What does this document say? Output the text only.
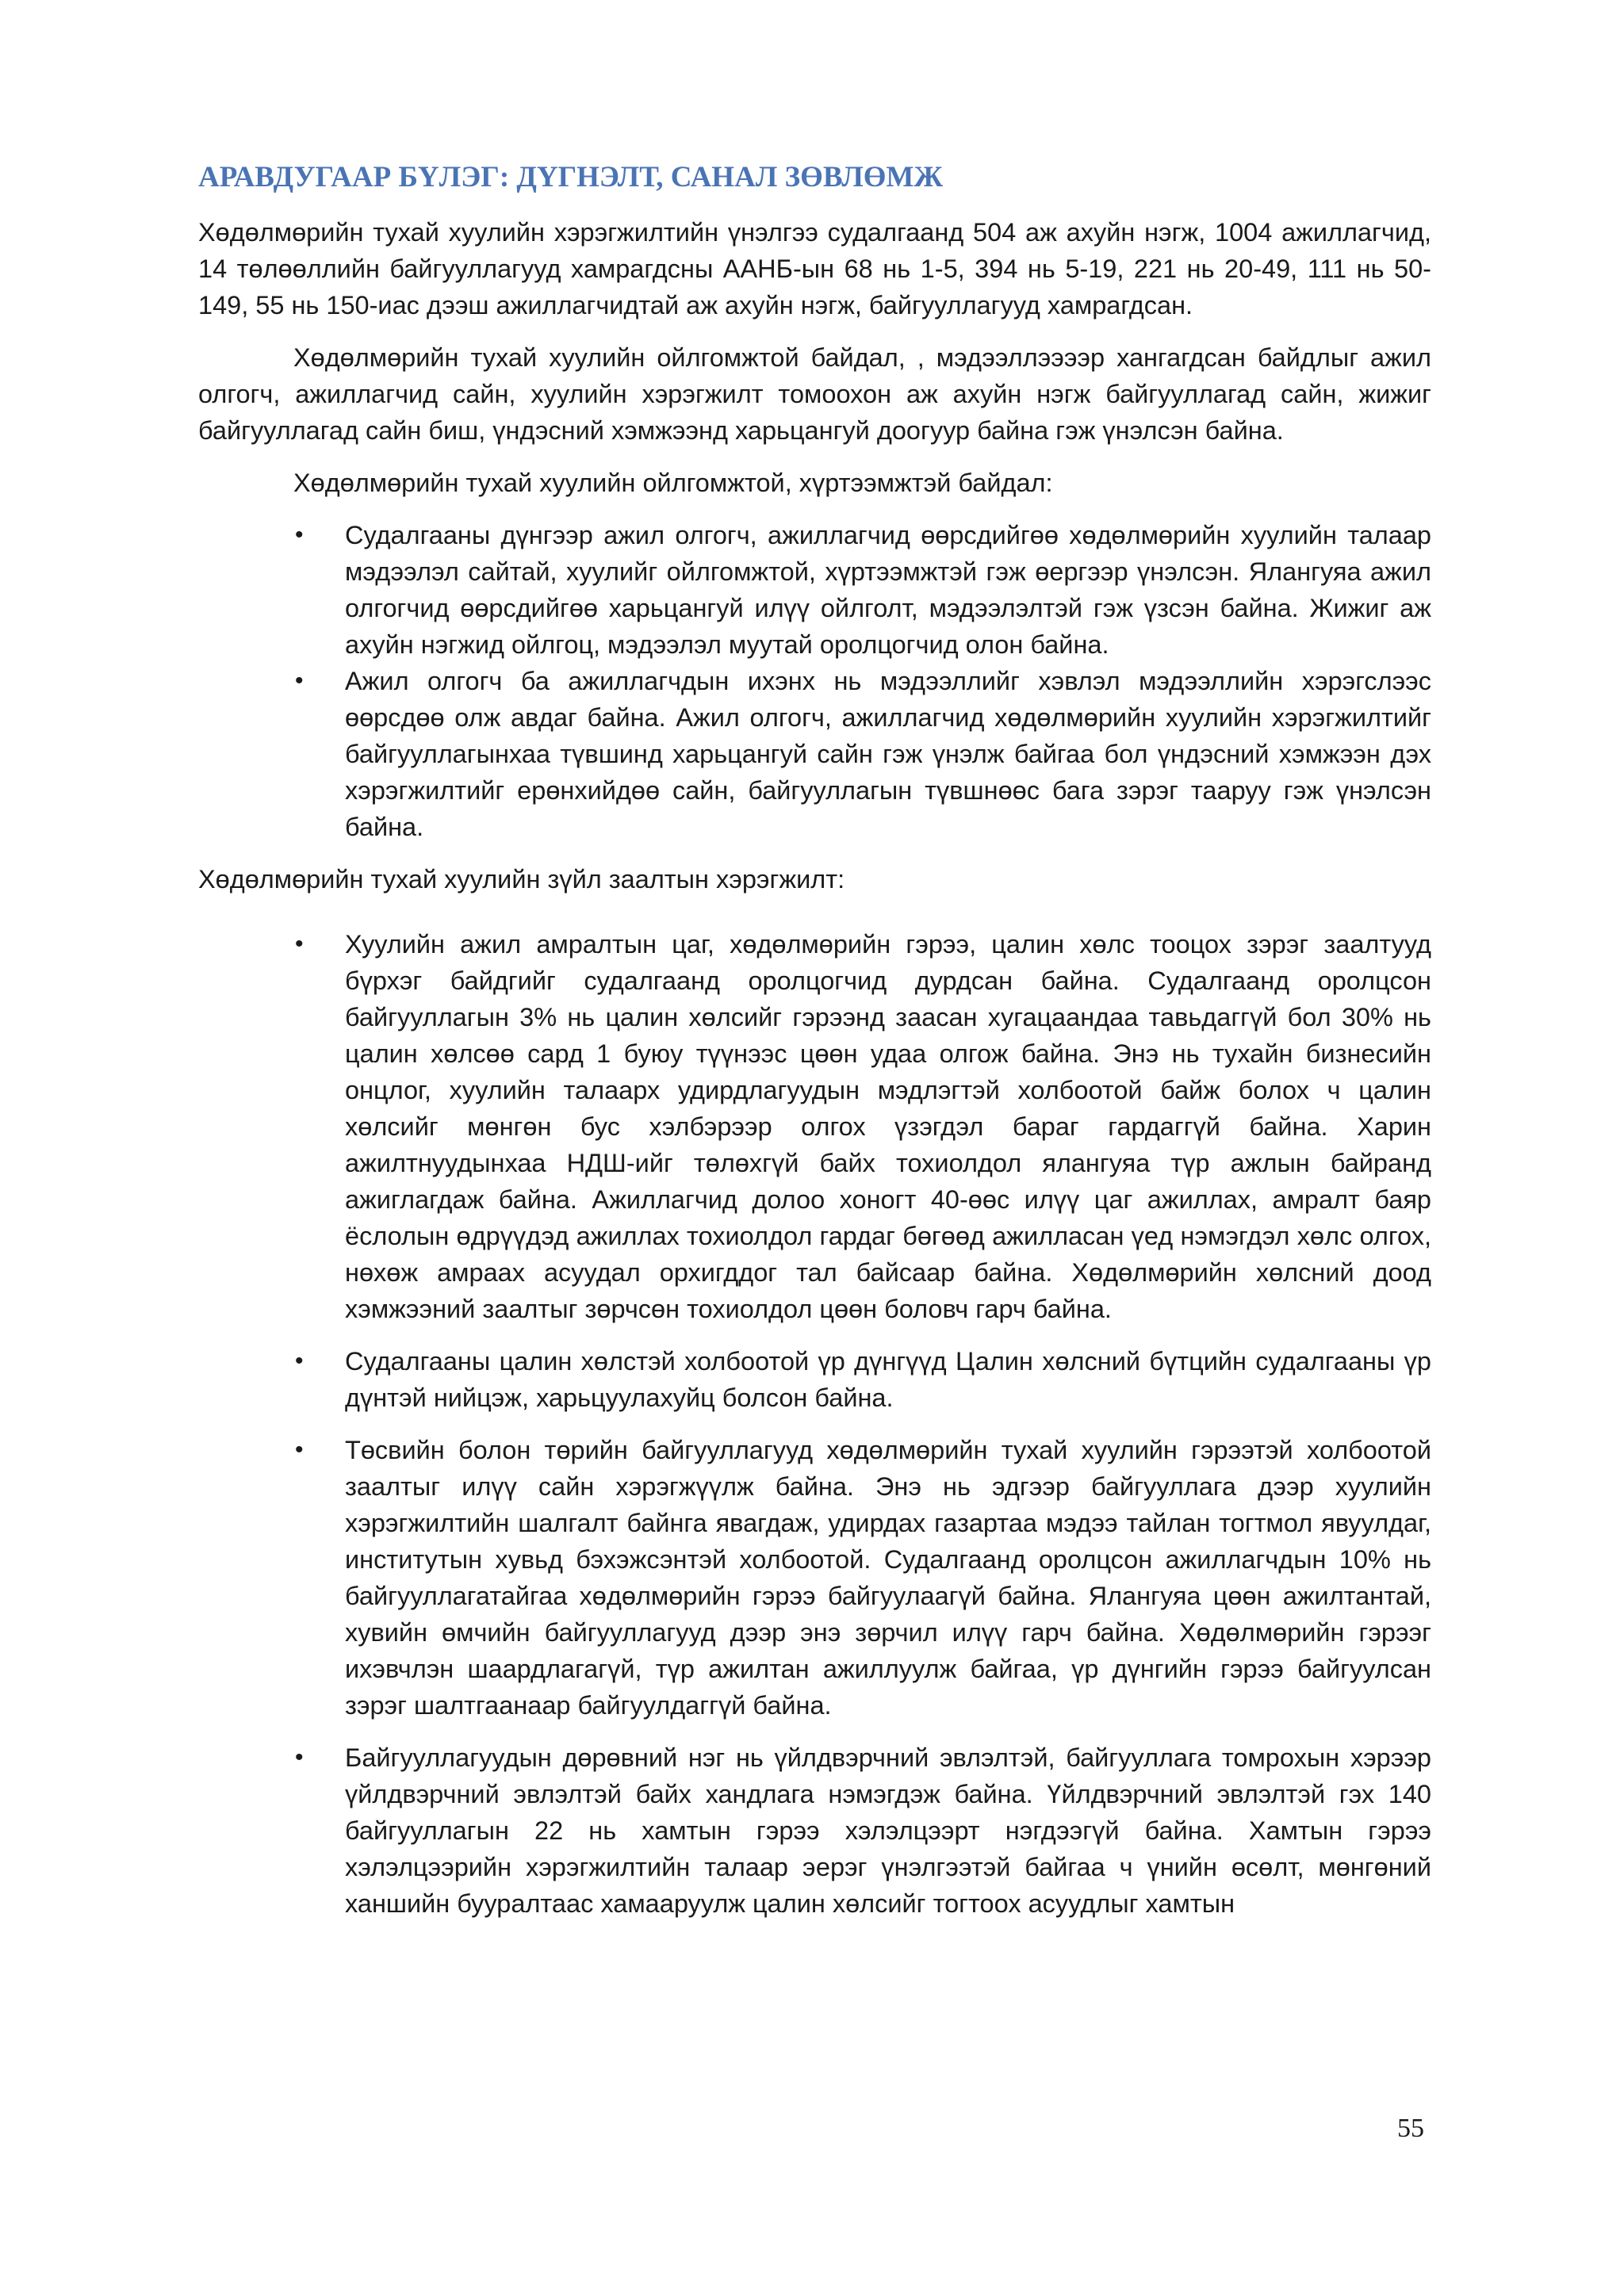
АРАВДУГААР БҮЛЭГ: ДҮГНЭЛТ, САНАЛ ЗӨВЛӨМЖ

Хөдөлмөрийн тухай хуулийн хэрэгжилтийн үнэлгээ судалгаанд 504 аж ахуйн нэгж, 1004 ажиллагчид, 14 төлөөллийн байгууллагууд хамрагдсны ААНБ-ын 68 нь 1-5, 394 нь 5-19, 221 нь 20-49, 111 нь 50-149, 55 нь 150-иас дээш ажиллагчидтай аж ахуйн нэгж, байгууллагууд хамрагдсан.

Хөдөлмөрийн тухай хуулийн ойлгомжтой байдал, , мэдээллээээр хангагдсан байдлыг ажил олгогч, ажиллагчид сайн, хуулийн хэрэгжилт томоохон аж ахуйн нэгж байгууллагад сайн, жижиг байгууллагад сайн биш, үндэсний хэмжээнд харьцангуй доогуур байна гэж үнэлсэн байна.

Хөдөлмөрийн тухай хуулийн ойлгомжтой, хүртээмжтэй байдал:

• Судалгааны дүнгээр ажил олгогч, ажиллагчид өөрсдийгөө хөдөлмөрийн хуулийн талаар мэдээлэл сайтай, хуулийг ойлгомжтой, хүртээмжтэй гэж өергээр үнэлсэн. Ялангуяа ажил олгогчид өөрсдийгөө харьцангуй илүү ойлголт, мэдээлэлтэй гэж үзсэн байна. Жижиг аж ахуйн нэгжид ойлгоц, мэдээлэл муутай оролцогчид олон байна.
• Ажил олгогч ба ажиллагчдын ихэнх нь мэдээллийг хэвлэл мэдээллийн хэрэгслээс өөрсдөө олж авдаг байна. Ажил олгогч, ажиллагчид хөдөлмөрийн хуулийн хэрэгжилтийг байгууллагынхаа түвшинд харьцангуй сайн гэж үнэлж байгаа бол үндэсний хэмжээн дэх хэрэгжилтийг ерөнхийдөө сайн, байгууллагын түвшнөөс бага зэрэг тааруу гэж үнэлсэн байна.

Хөдөлмөрийн тухай хуулийн зүйл заалтын хэрэгжилт:

• Хуулийн ажил амралтын цаг, хөдөлмөрийн гэрээ, цалин хөлс тооцох зэрэг заалтууд бүрхэг байдгийг судалгаанд оролцогчид дурдсан байна. Судалгаанд оролцсон байгууллагын 3% нь цалин хөлсийг гэрээнд заасан хугацаандаа тавьдаггүй бол 30% нь цалин хөлсөө сард 1 буюу түүнээс цөөн удаа олгож байна. Энэ нь тухайн бизнесийн онцлог, хуулийн талаарх удирдлагуудын мэдлэгтэй холбоотой байж болох ч цалин хөлсийг мөнгөн бус хэлбэрээр олгох үзэгдэл бараг гардаггүй байна. Харин ажилтнуудынхаа НДШ-ийг төлөхгүй байх тохиолдол ялангуяа түр ажлын байранд ажиглагдаж байна. Ажиллагчид долоо хоногт 40-өөс илүү цаг ажиллах, амралт баяр ёслолын өдрүүдэд ажиллах тохиолдол гардаг бөгөөд ажилласан үед нэмэгдэл хөлс олгох, нөхөж амраах асуудал орхигддог тал байсаар байна. Хөдөлмөрийн хөлсний доод хэмжээний заалтыг зөрчсөн тохиолдол цөөн боловч гарч байна.
• Судалгааны цалин хөлстэй холбоотой үр дүнгүүд Цалин хөлсний бүтцийн судалгааны үр дүнтэй нийцэж, харьцуулахуйц болсон байна.
• Төсвийн болон төрийн байгууллагууд хөдөлмөрийн тухай хуулийн гэрээтэй холбоотой заалтыг илүү сайн хэрэгжүүлж байна. Энэ нь эдгээр байгууллага дээр хуулийн хэрэгжилтийн шалгалт байнга явагдаж, удирдах газартаа мэдээ тайлан тогтмол явуулдаг, институтын хувьд бэхэжсэнтэй холбоотой. Судалгаанд оролцсон ажиллагчдын 10% нь байгууллагатайгаа хөдөлмөрийн гэрээ байгуулаагүй байна. Ялангуяа цөөн ажилтантай, хувийн өмчийн байгууллагууд дээр энэ зөрчил илүү гарч байна. Хөдөлмөрийн гэрээг ихэвчлэн шаардлагагүй, түр ажилтан ажиллуулж байгаа, үр дүнгийн гэрээ байгуулсан зэрэг шалтгаанаар байгуулдаггүй байна.
• Байгууллагуудын дөрөвний нэг нь үйлдвэрчний эвлэлтэй, байгууллага томрохын хэрээр үйлдвэрчний эвлэлтэй байх хандлага нэмэгдэж байна. Үйлдвэрчний эвлэлтэй гэх 140 байгууллагын 22 нь хамтын гэрээ хэлэлцээрт нэгдээгүй байна. Хамтын гэрээ хэлэлцээрийн хэрэгжилтийн талаар эерэг үнэлгээтэй байгаа ч үнийн өсөлт, мөнгөний ханшийн бууралтаас хамааруулж цалин хөлсийг тогтоох асуудлыг хамтын
55
